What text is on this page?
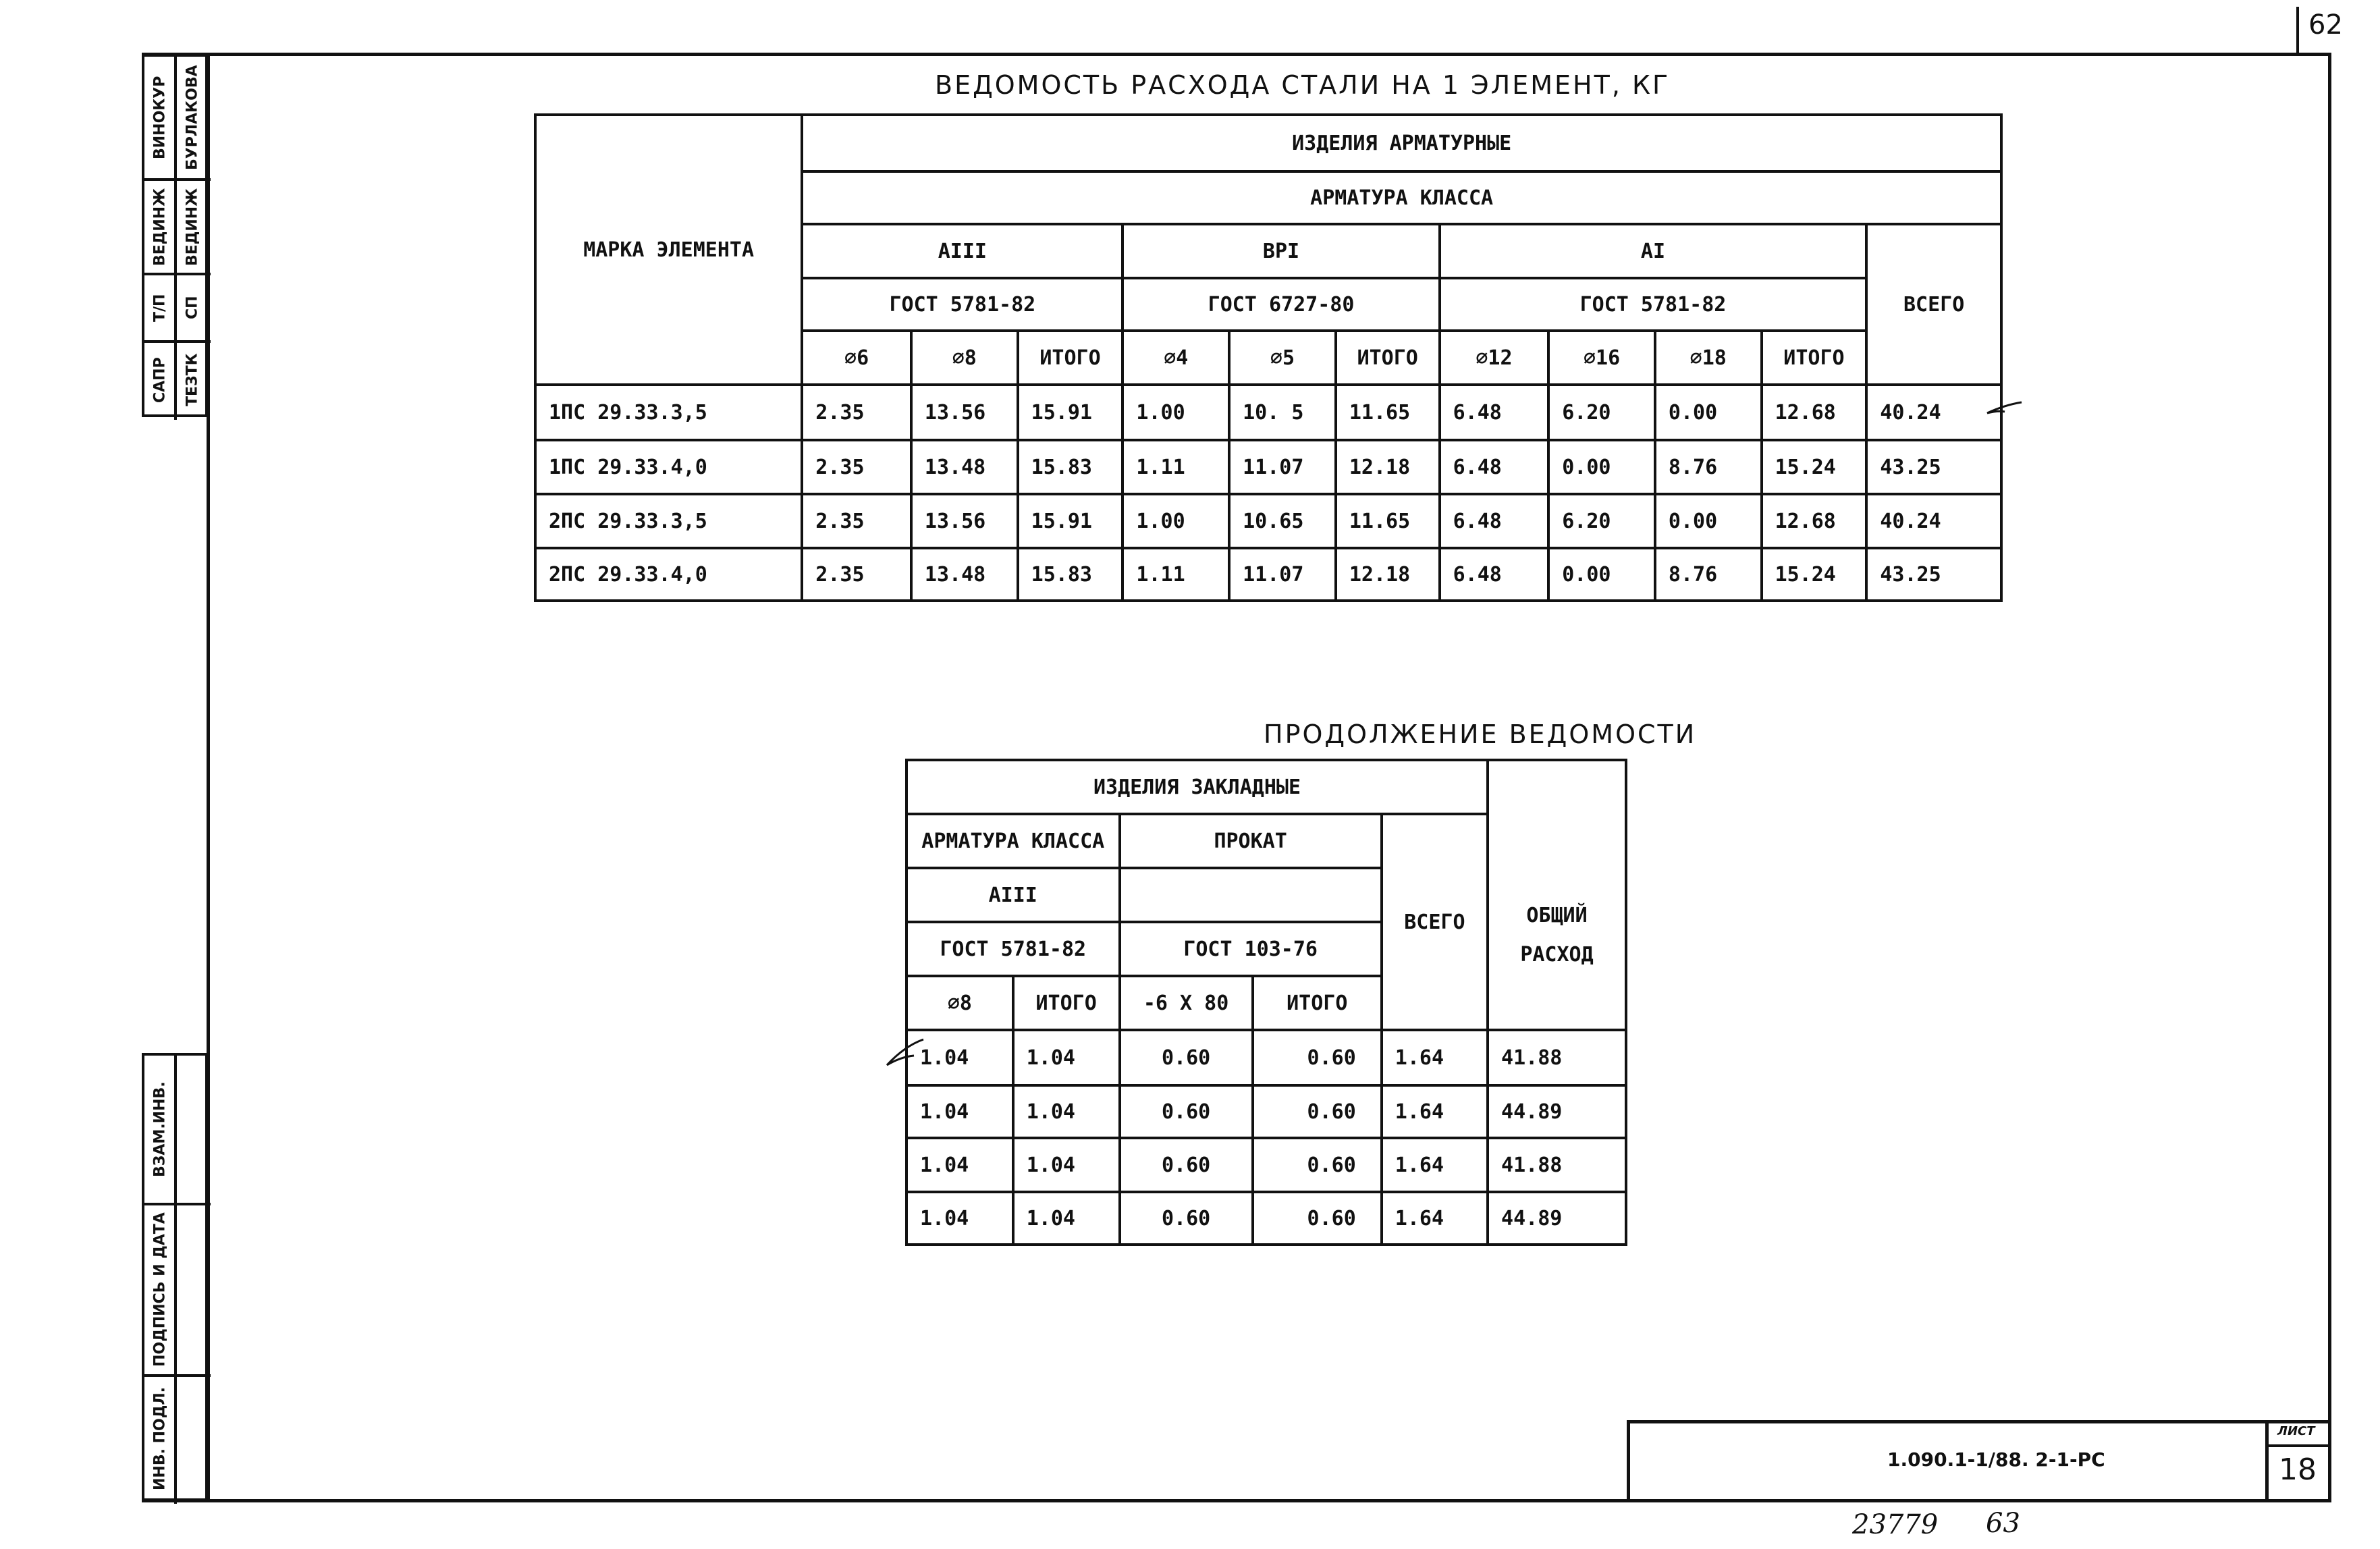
62
ВИНОКУР
ВЕДИНЖ
Т/П
САПР
БУРЛАКОВА
ВЕДИНЖ
СП
ТЕЗТК
ВЗАМ.ИНВ.
ПОДПИСЬ И ДАТА
ИНВ. ПОДЛ.
ВЕДОМОСТЬ РАСХОДА СТАЛИ НА 1 ЭЛЕМЕНТ, КГ
МАРКА ЭЛЕМЕНТА	ИЗДЕЛИЯ АРМАТУРНЫЕ										
	АРМАТУРА КЛАССА										
	АIII			ВРI			АI				ВСЕГО
	ГОСТ 5781-82			ГОСТ 6727-80			ГОСТ 5781-82				
	∅6	∅8	ИТОГО	∅4	∅5	ИТОГО	∅12	∅16	∅18	ИТОГО	
1ПС 29.33.3,5	2.35	13.56	15.91	1.00	10. 5	11.65	6.48	6.20	0.00	12.68	40.24
1ПС 29.33.4,0	2.35	13.48	15.83	1.11	11.07	12.18	6.48	0.00	8.76	15.24	43.25
2ПС 29.33.3,5	2.35	13.56	15.91	1.00	10.65	11.65	6.48	6.20	0.00	12.68	40.24
2ПС 29.33.4,0	2.35	13.48	15.83	1.11	11.07	12.18	6.48	0.00	8.76	15.24	43.25
ПРОДОЛЖЕНИЕ ВЕДОМОСТИ
ИЗДЕЛИЯ ЗАКЛАДНЫЕ					ОБЩИЙ
РАСХОД
АРМАТУРА КЛАССА		ПРОКАТ		ВСЕГО	
АIII					
ГОСТ 5781-82		ГОСТ 103-76			
∅8	ИТОГО	-6 Х 80	ИТОГО		
1.04	1.04	0.60	0.60	1.64	41.88
1.04	1.04	0.60	0.60	1.64	44.89
1.04	1.04	0.60	0.60	1.64	41.88
1.04	1.04	0.60	0.60	1.64	44.89
1.090.1-1/88. 2-1-РС
ЛИСТ
18
23779 63
